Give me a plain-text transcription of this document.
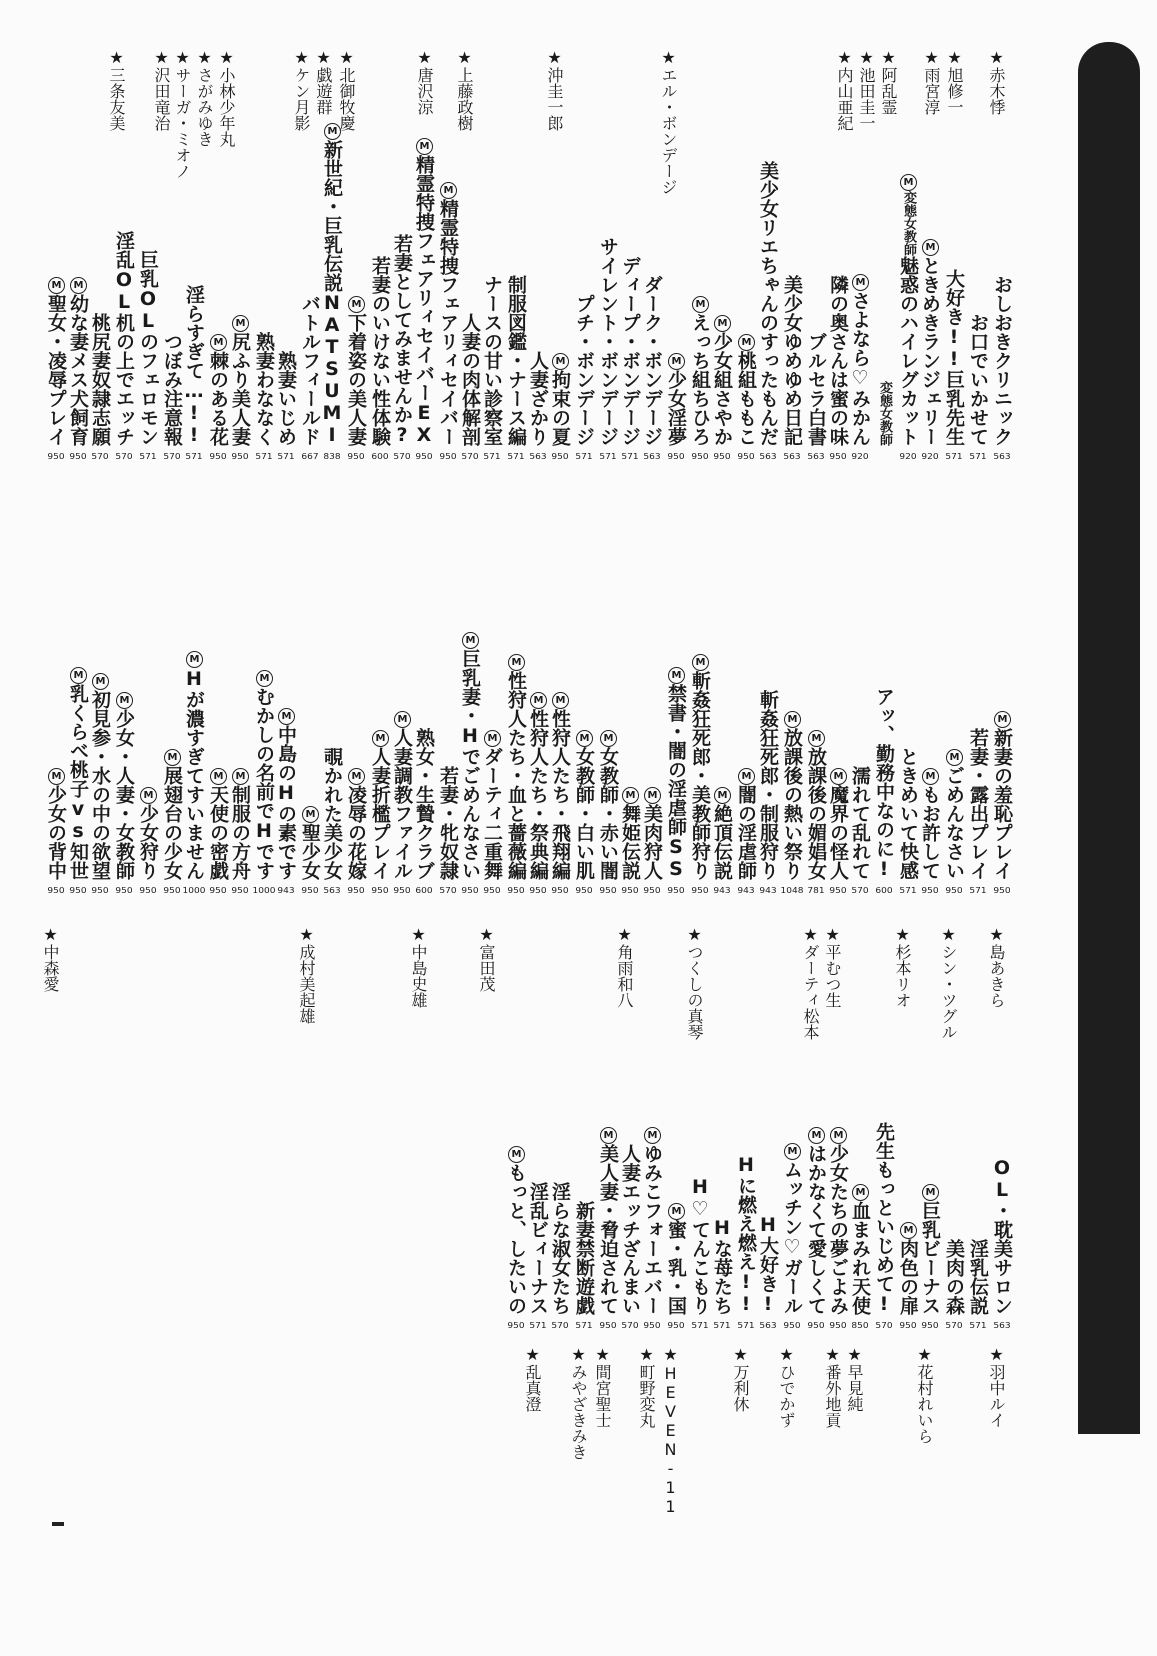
★赤木悸
おしおきクリニック
563
お口でいかせて
571
大好き!!巨乳先生
571
★旭修一
Mときめきランジェリー
920
M変態女教師魅惑のハイレグカット
920
★雨宮淳
変態女教師
★阿乱霊
Mさよなら♡みかん
920
隣の奥さんは蜜の味
950
★池田圭一
ブルセラ白書
563
美少女ゆめゆめ日記
563
★内山亜紀
美少女リエちゃんのすったもんだ
563
M桃組ももこ
950
M少女組さやか
950
Mえっち組ちひろ
950
M少女淫夢
950
★エル・ボンデージ
ダーク・ボンデージ
563
ディープ・ボンデージ
571
サイレント・ボンデージ
571
プチ・ボンデージ
571
M拘束の夏
950
★沖圭一郎
人妻ざかり
563
制服図鑑・ナース編
571
ナースの甘い診察室
571
人妻の肉体解剖
570
★上藤政樹
M精霊特捜フェアリィセイバー
950
M精霊特捜フェアリィセイバーEX
950
若妻としてみませんか?
570
★唐沢涼
若妻のいけない性体験
600
M下着姿の美人妻
950
★北御牧慶
M新世紀・巨乳伝説NATSUMI
838
★戯遊群
バトルフィールド
667
★ケン月影
熟妻いじめ
571
熟妻わななく
571
★小林少年丸
M尻ふり美人妻
950
M棘のある花
950
淫らすぎて…!!
571
★さがみゆき
つぼみ注意報
570
★サーガ・ミオノ
巨乳OLのフェロモン
571
★沢田竜治
淫乱OL机の上でエッチ
570
桃尻妻奴隷志願
570
★三条友美
M幼な妻メス犬飼育
950
M聖女・凌辱プレイ
950
M新妻の羞恥プレイ
950
若妻・露出プレイ
571
★島あきら
Mごめんなさい
950
Mもお許して
950
★シン・ツグル
ときめいて快感
571
アッ、勤務中なのに!
600
濡れて乱れて
570
★杉本リオ
M魔界の怪人
950
★平むつ生
M放課後の媚娼女
781
M放課後の熱い祭り
1048
斬姦狂死郎・制服狩り
943
M闇の淫虐師
943
M絶頂伝説
943
★ダーティ松本
M斬姦狂死郎・美教師狩り
950
M禁書・闇の淫虐師SS
950
M美肉狩人
950
★つくしの真琴
M舞姫伝説
950
M女教師・赤い闇
950
M女教師・白い肌
950
M性狩人たち・飛翔編
950
M性狩人たち・祭典編
950
M性狩人たち・血と薔薇編
950
★角雨和八
Mダーティ二重舞
950
M巨乳妻・Hでごめんなさい
950
若妻・牝奴隷
570
★富田茂
熟女・生贄クラブ
600
M人妻調教ファイル
950
M人妻折檻プレイ
950
M凌辱の花嫁
950
覗かれた美少女
563
M聖少女
950
M中島のHの素です
943
Mむかしの名前でHです
1000
M制服の方舟
950
M天使の密戯
950
MHが濃すぎてすいません
1000
M展翅台の少女
950
M少女狩り
950
M少女・人妻・女教師
950
M初見参・水の中の欲望
950
M乳くらべ桃子vs知世
950
★中島史雄
M少女の背中
950
★中森愛	★成村美起雄
OL・耽美サロン
563
淫乳伝説
571
美肉の森
570
★羽中ルイ
M巨乳ビーナス
950
M肉色の扉
950
先生もっといじめて!
570
★花村れいら
M血まみれ天使
850
★早見純
M少女たちの夢ごよみ
950
Mはかなくて愛しくて
950
★番外地貢
Mムッチン♡ガール
950
H大好き!
563
★ひでかず
Hに燃え燃え!!
571
Hな苺たち
571
H♡てんこもり
571
★万利休
M蜜・乳・国
950
★HEVEN-11
Mゆみこフォーエバー
950
人妻エッチざんまい
570
★町野変丸
M美人妻・脅迫されて
950
★間宮聖士
新妻禁断遊戯
571
淫らな淑女たち
570
★みやざきみき
淫乱ビィーナス
571
Mもっと、したいの
950
★乱真澄
